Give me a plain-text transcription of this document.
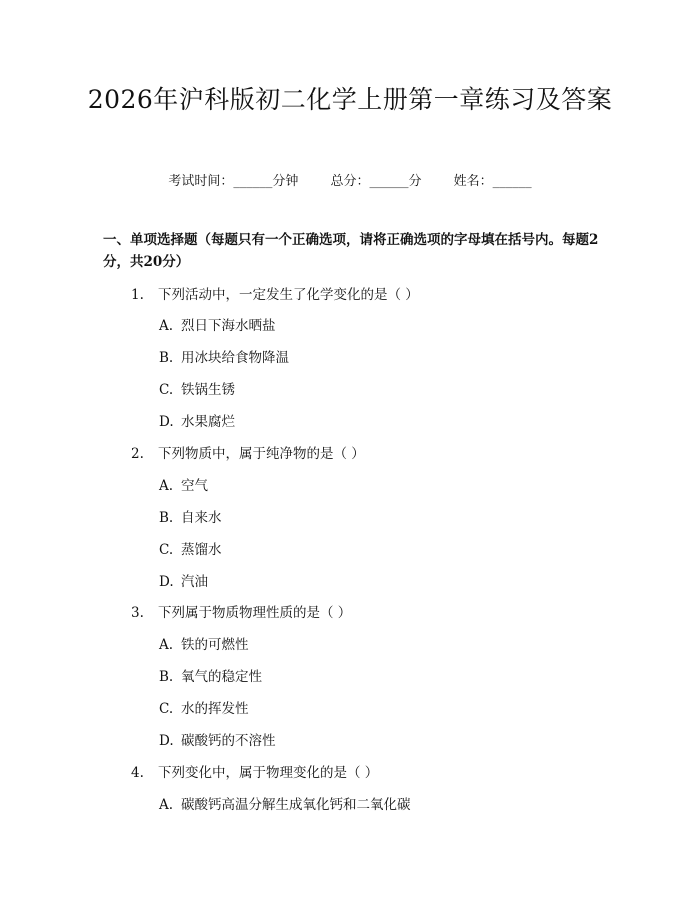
2026年沪科版初二化学上册第一章练习及答案
考试时间：______分钟 总分：______分 姓名：______

一、单项选择题（每题只有一个正确选项，请将正确选项的字母填在括号内。每题2分，共20分）

1. 下列活动中，一定发生了化学变化的是（ ）
A. 烈日下海水晒盐
B. 用冰块给食物降温
C. 铁锅生锈
D. 水果腐烂
2. 下列物质中，属于纯净物的是（ ）
A. 空气
B. 自来水
C. 蒸馏水
D. 汽油
3. 下列属于物质物理性质的是（ ）
A. 铁的可燃性
B. 氧气的稳定性
C. 水的挥发性
D. 碳酸钙的不溶性
4. 下列变化中，属于物理变化的是（ ）
A. 碳酸钙高温分解生成氧化钙和二氧化碳
